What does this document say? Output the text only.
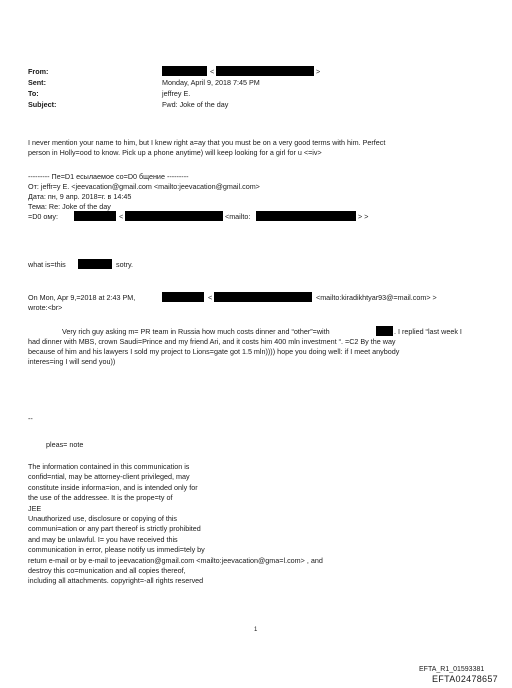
From:	<	>
Sent:	Monday, April 9, 2018 7:45 PM
To:	jeffrey E.
Subject:	Fwd: Joke of the day
I never mention your name to him, but I knew right a=ay that you must be on a very good terms with him. Perfect
person in Holly=ood to know. Pick up a phone anytime) will keep looking for a girl for u <=iv>
--------- Пе=D1 есылаемое со=D0 бщение ---------
От: jeffr=y E. <jeevacation@gmail.com <mailto:jeevacation@gmail.com>
Дата: пн, 9 апр. 2018=г. в 14:45
Тема: Re: Joke of the day
=D0 ому:	<	<mailto:	> >
what is=this	sotry.
On Mon, Apr 9,=2018 at 2:43 PM,	<	<mailto:kiradikhtyar93@=mail.com> >
wrote:<br>
Very rich guy asking m= PR team in Russia how much costs dinner and “other”=with	. I replied “last week I
had dinner with MBS, crown Saudi=Prince and my friend Ari, and it costs him 400 mln investment “. =C2 By the way
because of him and his lawyers I sold my project to Lions=gate got 1.5 mln)))) hope you doing well: if I meet anybody
interes=ing I will send you))
--
pleas= note
The information contained in this communication is
confid=ntial, may be attorney-client privileged, may
constitute inside informa=ion, and is intended only for
the use of the addressee. It is the prope=ty of
JEE
Unauthorized use, disclosure or copying of this
communi=ation or any part thereof is strictly prohibited
and may be unlawful. I= you have received this
communication in error, please notify us immedi=tely by
return e-mail or by e-mail to jeevacation@gmail.com <mailto:jeevacation@gma=l.com> , and
destroy this co=munication and all copies thereof,
including all attachments. copyright=-all rights reserved
1
EFTA_R1_01593381
EFTA02478657
